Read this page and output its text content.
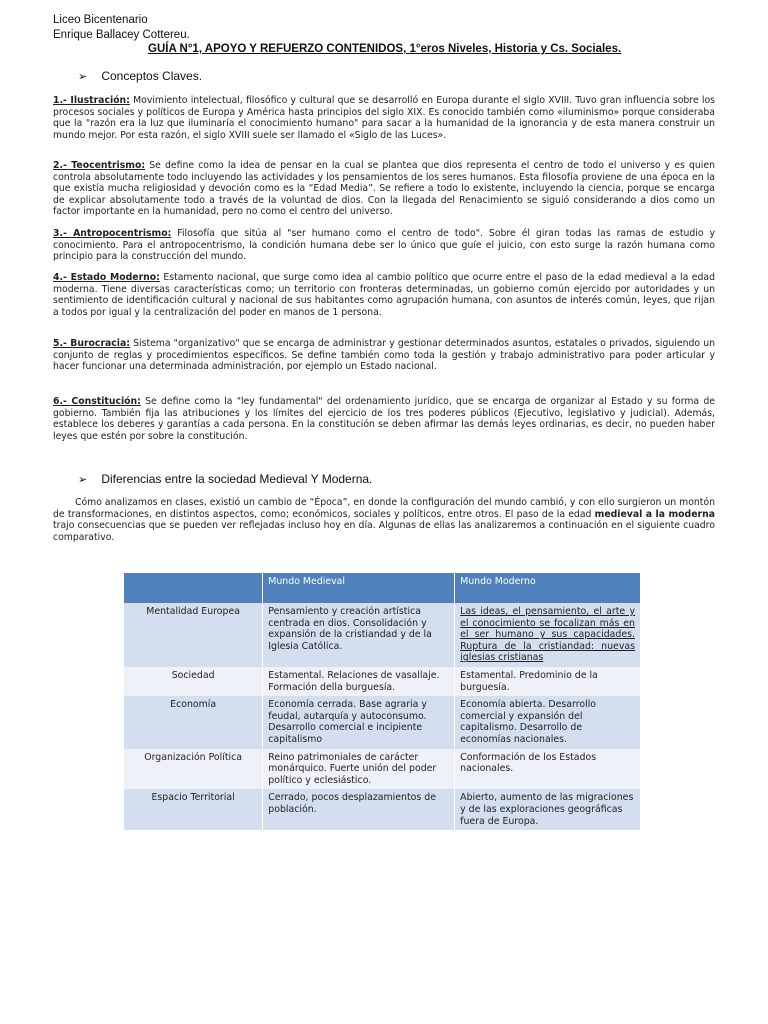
Liceo Bicentenario
Enrique Ballacey Cottereu.
GUÍA N°1, APOYO Y REFUERZO CONTENIDOS, 1°eros Niveles, Historia y Cs. Sociales.
➢ Conceptos Claves.
1.- Ilustración: Movimiento intelectual, filosófico y cultural que se desarrolló en Europa durante el siglo XVIII. Tuvo gran influencia sobre los procesos sociales y políticos de Europa y América hasta principios del siglo XIX. Es conocido también como «iluminismo» porque consideraba que la "razón era la luz que iluminaría el conocimiento humano" para sacar a la humanidad de la ignorancia y de esta manera construir un mundo mejor. Por esta razón, el siglo XVIII suele ser llamado el «Siglo de las Luces».
2.- Teocentrismo: Se define como la idea de pensar en la cual se plantea que dios representa el centro de todo el universo y es quien controla absolutamente todo incluyendo las actividades y los pensamientos de los seres humanos. Esta filosofía proviene de una época en la que existía mucha religiosidad y devoción como es la “Edad Media”. Se refiere a todo lo existente, incluyendo la ciencia, porque se encarga de explicar absolutamente todo a través de la voluntad de dios. Con la llegada del Renacimiento se siguió considerando a dios como un factor importante en la humanidad, pero no como el centro del universo.
3.- Antropocentrismo: Filosofía que sitúa al "ser humano como el centro de todo". Sobre él giran todas las ramas de estudio y conocimiento. Para el antropocentrismo, la condición humana debe ser lo único que guíe el juicio, con esto surge la razón humana como principio para la construcción del mundo.
4.- Estado Moderno: Estamento nacional, que surge como idea al cambio político que ocurre entre el paso de la edad medieval a la edad moderna. Tiene diversas características como; un territorio con fronteras determinadas, un gobierno común ejercido por autoridades y un sentimiento de identificación cultural y nacional de sus habitantes como agrupación humana, con asuntos de interés común, leyes, que rijan a todos por igual y la centralización del poder en manos de 1 persona.
5.- Burocracia: Sistema "organizativo" que se encarga de administrar y gestionar determinados asuntos, estatales o privados, siguiendo un conjunto de reglas y procedimientos específicos. Se define también como toda la gestión y trabajo administrativo para poder articular y hacer funcionar una determinada administración, por ejemplo un Estado nacional.
6.- Constitución: Se define como la "ley fundamental" del ordenamiento jurídico, que se encarga de organizar al Estado y su forma de gobierno. También fija las atribuciones y los límites del ejercicio de los tres poderes públicos (Ejecutivo, legislativo y judicial). Además, establece los deberes y garantías a cada persona. En la constitución se deben afirmar las demás leyes ordinarias, es decir, no pueden haber leyes que estén por sobre la constitución.
➢ Diferencias entre la sociedad Medieval Y Moderna.
Cómo analizamos en clases, existió un cambio de “Época”, en donde la configuración del mundo cambió, y con ello surgieron un montón de transformaciones, en distintos aspectos, como; económicos, sociales y políticos, entre otros. El paso de la edad medieval a la moderna trajo consecuencias que se pueden ver reflejadas incluso hoy en día. Algunas de ellas las analizaremos a continuación en el siguiente cuadro comparativo.
	Mundo Medieval	Mundo Moderno
Mentalidad Europea	Pensamiento y creación artística centrada en dios. Consolidación y expansión de la cristiandad y de la Iglesia Católica.	Las ideas, el pensamiento, el arte y el conocimiento se focalizan más en el ser humano y sus capacidades. Ruptura de la cristiandad: nuevas iglesias cristianas
Sociedad	Estamental. Relaciones de vasallaje. Formación della burguesía.	Estamental. Predominio de la burguesía.
Economía	Economía cerrada. Base agraria y feudal, autarquía y autoconsumo. Desarrollo comercial e incipiente capitalismo	Economía abierta. Desarrollo comercial y expansión del capitalismo. Desarrollo de economías nacionales.
Organización Política	Reino patrimoniales de carácter monárquico. Fuerte unión del poder político y eclesiástico.	Conformación de los Estados nacionales.
Espacio Territorial	Cerrado, pocos desplazamientos de población.	Abierto, aumento de las migraciones y de las exploraciones geográficas fuera de Europa.
